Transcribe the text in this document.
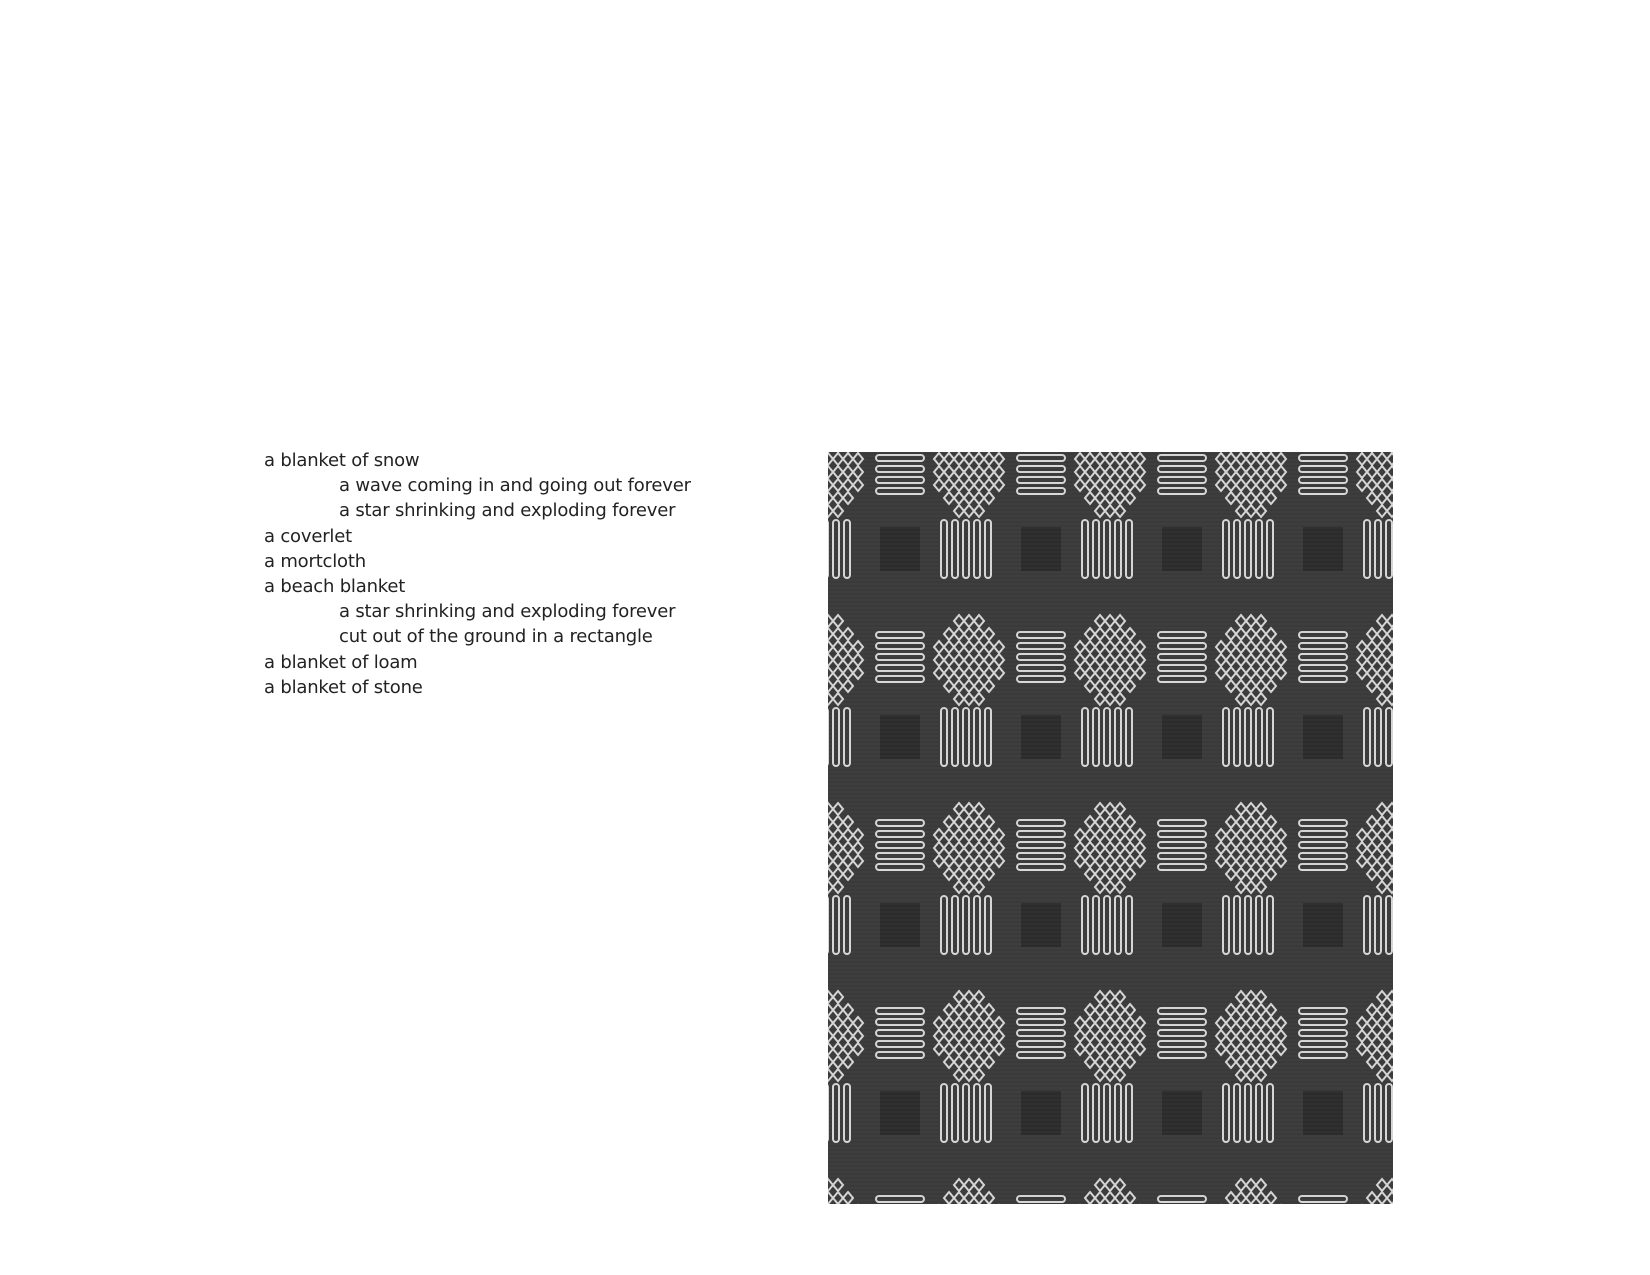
a blanket of snow
a wave coming in and going out forever
a star shrinking and exploding forever
a coverlet
a mortcloth
a beach blanket
a star shrinking and exploding forever
cut out of the ground in a rectangle
a blanket of loam
a blanket of stone
